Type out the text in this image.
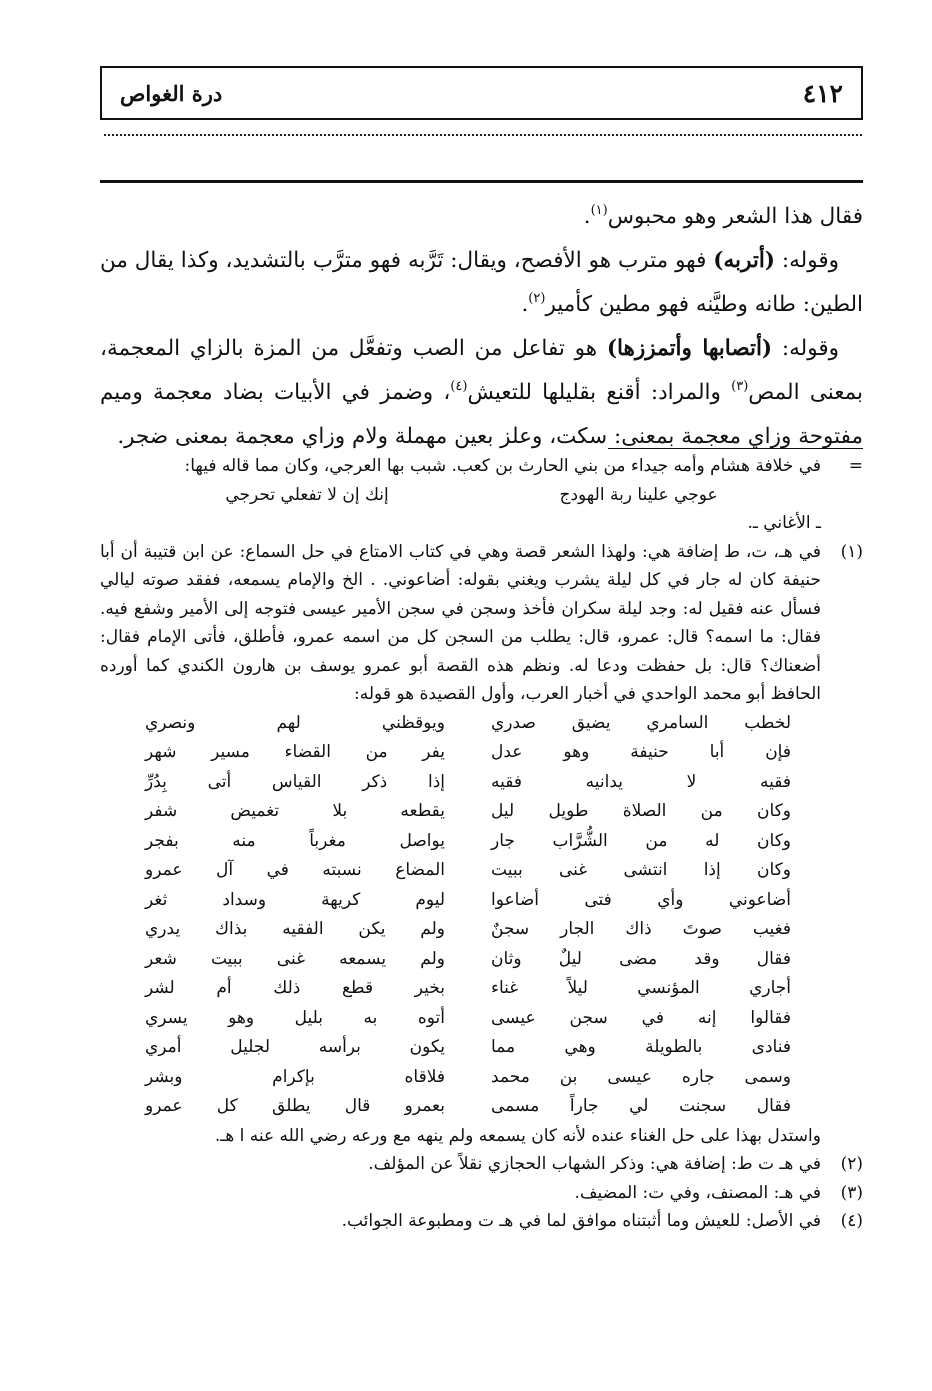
٤١٢
درة الغواص

فقال هذا الشعر وهو محبوس$^{(١)}$.

وقوله: (أتربه) فهو مترب هو الأفصح، ويقال: تَرَّبه فهو مترَّب بالتشديد، وكذا يقال من الطين: طانه وطيَّنه فهو مطين كأمير$^{(٢)}$.

وقوله: (أتصابها وأتمززها) هو تفاعل من الصب وتفعَّل من المزة بالزاي المعجمة، بمعنى المص$^{(٣)}$ والمراد: أقنع بقليلها للتعيش$^{(٤)}$، وضمز في الأبيات بضاد معجمة وميم مفتوحة وزاي معجمة بمعنى: سكت، وعلز بعين مهملة ولام وزاي معجمة بمعنى ضجر.

=
في خلافة هشام وأمه جيداء من بني الحارث بن كعب. شبب بها العرجي، وكان مما قاله فيها:
عوجي علينا ربة الهودج
إنك إن لا تفعلي تحرجي
ـ الأغاني ـ.
(١)
في هـ، ت، ط إضافة هي: ولهذا الشعر قصة وهي في كتاب الامتاع في حل السماع: عن ابن قتيبة أن أبا حنيفة كان له جار في كل ليلة يشرب ويغني بقوله: أضاعوني. . الخ والإمام يسمعه، ففقد صوته ليالي فسأل عنه فقيل له: وجد ليلة سكران فأخذ وسجن في سجن الأمير عيسى فتوجه إلى الأمير وشفع فيه. فقال: ما اسمه؟ قال: عمرو، قال: يطلب من السجن كل من اسمه عمرو، فأطلق، فأتى الإمام فقال: أضعناك؟ قال: بل حفظت ودعا له. ونظم هذه القصة أبو عمرو يوسف بن هارون الكندي كما أورده الحافظ أبو محمد الواحدي في أخبار العرب، وأول القصيدة هو قوله:
لخطب السامري يضيق صدري
ويوقظني لهم ونصري
فإن أبا حنيفة وهو عدل
يفر من القضاء مسير شهر
فقيه لا يدانيه فقيه
إذا ذكر القياس أتى بِدُرِّ
وكان من الصلاة طويل ليل
يقطعه بلا تغميض شفر
وكان له من الشُّرَّاب جار
يواصل مغرباً منه بفجر
وكان إذا انتشى غنى ببيت
المضاع نسبته في آل عمرو
أضاعوني وأي فتى أضاعوا
ليوم كريهة وسداد ثغر
فغيب صوتَ ذاك الجار سجنٌ
ولم يكن الفقيه بذاك يدري
فقال وقد مضى ليلٌ وثان
ولم يسمعه غنى ببيت شعر
أجاري المؤنسي ليلاً غناء
بخير قطع ذلك أم لشر
فقالوا إنه في سجن عيسى
أتوه به بليل وهو يسري
فنادى بالطويلة وهي مما
يكون برأسه لجليل أمري
وسمى جاره عيسى بن محمد
فلاقاه بإكرام وبشر
فقال سجنت لي جاراً مسمى
بعمرو قال يطلق كل عمرو
واستدل بهذا على حل الغناء عنده لأنه كان يسمعه ولم ينهه مع ورعه رضي الله عنه ا هـ.
(٢)
في هـ ت ط: إضافة هي: وذكر الشهاب الحجازي نقلاً عن المؤلف.
(٣)
في هـ: المصنف، وفي ت: المضيف.
(٤)
في الأصل: للعيش وما أثبتناه موافق لما في هـ ت ومطبوعة الجوائب.
